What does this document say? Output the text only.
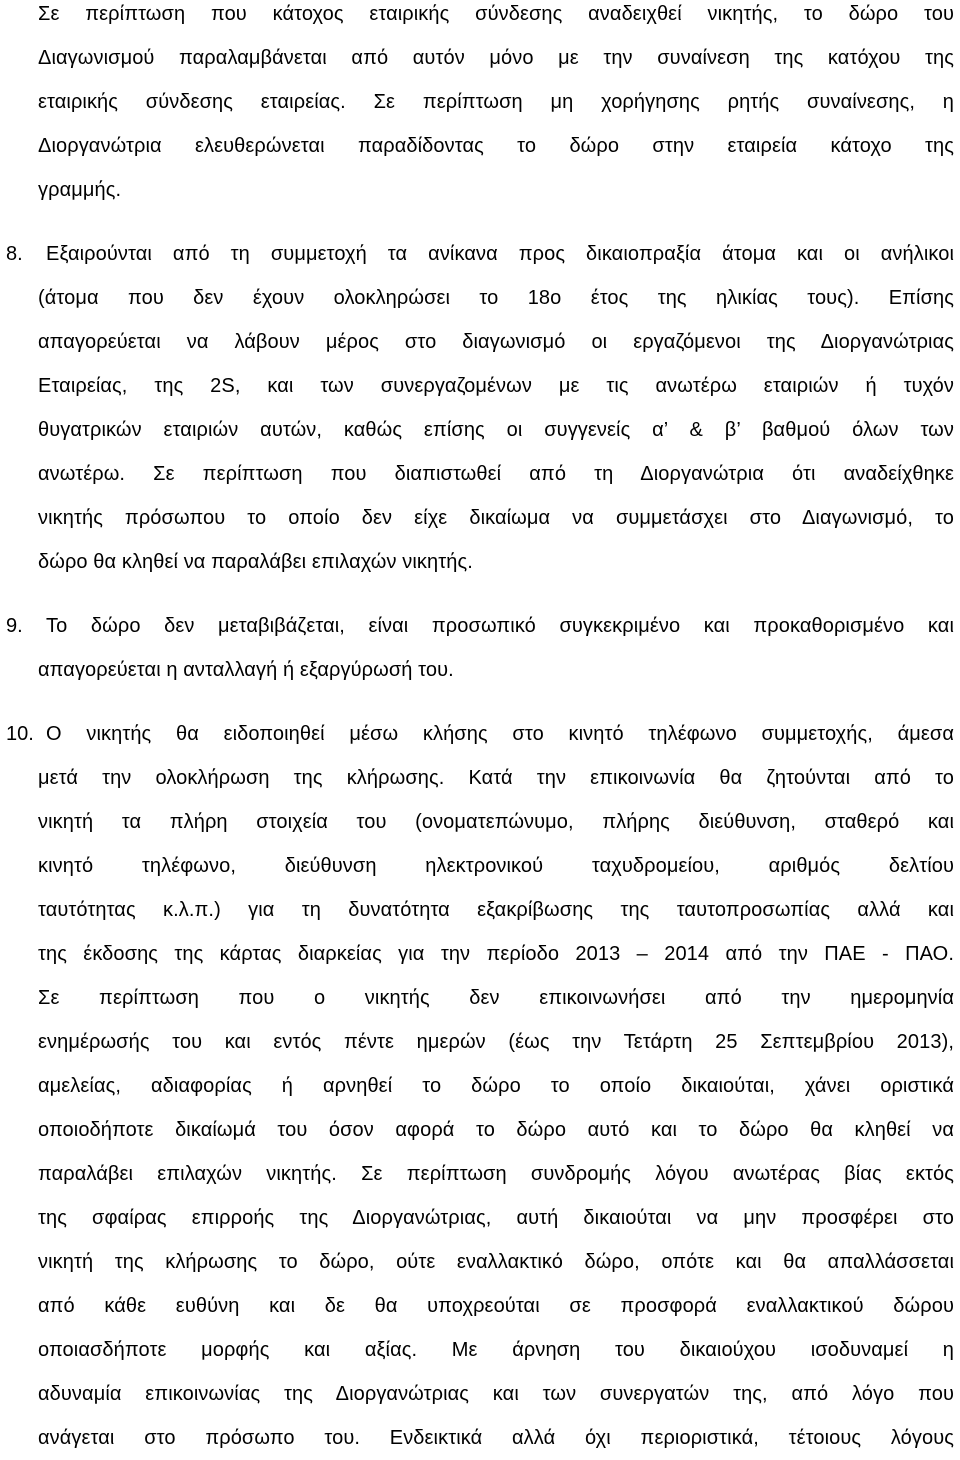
Σε περίπτωση που κάτοχος εταιρικής σύνδεσης αναδειχθεί νικητής, το δώρο του
Διαγωνισμού παραλαμβάνεται από αυτόν μόνο με την συναίνεση της κατόχου της
εταιρικής σύνδεσης εταιρείας. Σε περίπτωση μη χορήγησης ρητής συναίνεσης, η
Διοργανώτρια ελευθερώνεται παραδίδοντας το δώρο στην εταιρεία κάτοχο της
γραμμής.
8.	Εξαιρούνται από τη συμμετοχή τα ανίκανα προς δικαιοπραξία άτομα και οι ανήλικοι
(άτομα που δεν έχουν ολοκληρώσει το 18ο έτος της ηλικίας τους). Επίσης
απαγορεύεται να λάβουν μέρος στο διαγωνισμό οι εργαζόμενοι της Διοργανώτριας
Εταιρείας, της 2S, και των συνεργαζομένων με τις ανωτέρω εταιριών ή τυχόν
θυγατρικών εταιριών αυτών, καθώς επίσης οι συγγενείς α’ & β’ βαθμού όλων των
ανωτέρω. Σε περίπτωση που διαπιστωθεί από τη Διοργανώτρια ότι αναδείχθηκε
νικητής πρόσωπου το οποίο δεν είχε δικαίωμα να συμμετάσχει στο Διαγωνισμό, το
δώρο θα κληθεί να παραλάβει επιλαχών νικητής.
9.	Το δώρο δεν μεταβιβάζεται, είναι προσωπικό συγκεκριμένο και προκαθορισμένο και
απαγορεύεται η ανταλλαγή ή εξαργύρωσή του.
10. Ο νικητής θα ειδοποιηθεί μέσω κλήσης στο κινητό τηλέφωνο συμμετοχής, άμεσα
μετά την ολοκλήρωση της κλήρωσης. Κατά την επικοινωνία θα ζητούνται από το
νικητή τα πλήρη στοιχεία του (ονοματεπώνυμο, πλήρης διεύθυνση, σταθερό και
κινητό τηλέφωνο, διεύθυνση ηλεκτρονικού ταχυδρομείου, αριθμός δελτίου
ταυτότητας κ.λ.π.) για τη δυνατότητα εξακρίβωσης της ταυτοπροσωπίας αλλά και
της έκδοσης της κάρτας διαρκείας για την περίοδο 2013 – 2014 από την ΠΑΕ - ΠΑΟ.
Σε περίπτωση που ο νικητής δεν επικοινωνήσει από την ημερομηνία
ενημέρωσής του και εντός πέντε ημερών (έως την Τετάρτη 25 Σεπτεμβρίου 2013),
αμελείας, αδιαφορίας ή αρνηθεί το δώρο το οποίο δικαιούται, χάνει οριστικά
οποιοδήποτε δικαίωμά του όσον αφορά το δώρο αυτό και το δώρο θα κληθεί να
παραλάβει επιλαχών νικητής. Σε περίπτωση συνδρομής λόγου ανωτέρας βίας εκτός
της σφαίρας επιρροής της Διοργανώτριας, αυτή δικαιούται να μην προσφέρει στο
νικητή της κλήρωσης το δώρο, ούτε εναλλακτικό δώρο, οπότε και θα απαλλάσσεται
από κάθε ευθύνη και δε θα υποχρεούται σε προσφορά εναλλακτικού δώρου
οποιασδήποτε μορφής και αξίας. Με άρνηση του δικαιούχου ισοδυναμεί η
αδυναμία επικοινωνίας της Διοργανώτριας και των συνεργατών της, από λόγο που
ανάγεται στο πρόσωπο του. Ενδεικτικά αλλά όχι περιοριστικά, τέτοιους λόγους
